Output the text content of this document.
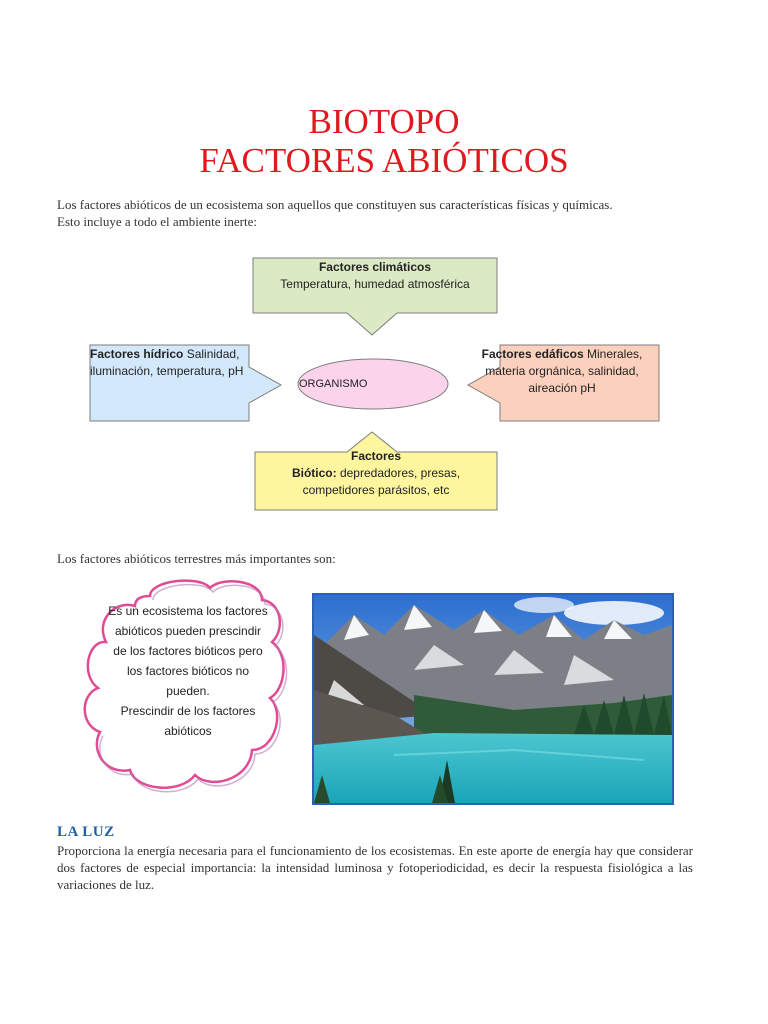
BIOTOPO
FACTORES ABIÓTICOS
Los factores abióticos de un ecosistema son aquellos que constituyen sus características físicas y químicas.
Esto incluye a todo el ambiente inerte:
Factores climáticos
Temperatura, humedad atmosférica
Factores hídrico Salinidad,
iluminación, temperatura, pH
Factores edáficos Minerales,
materia orgnánica, salinidad,
aireación pH
ORGANISMO
Factores
Biótico: depredadores, presas,
competidores parásitos, etc
Los factores abióticos terrestres más importantes son:
Es un ecosistema los factores
abióticos pueden prescindir
de los factores bióticos pero
los factores bióticos no
pueden.
Prescindir de los factores
abióticos
LA LUZ
Proporciona la energía necesaria para el funcionamiento de los ecosistemas. En este aporte de energía hay que considerar dos factores de especial importancia: la intensidad luminosa y fotoperiodicidad, es decir la respuesta fisiológica a las variaciones de luz.
